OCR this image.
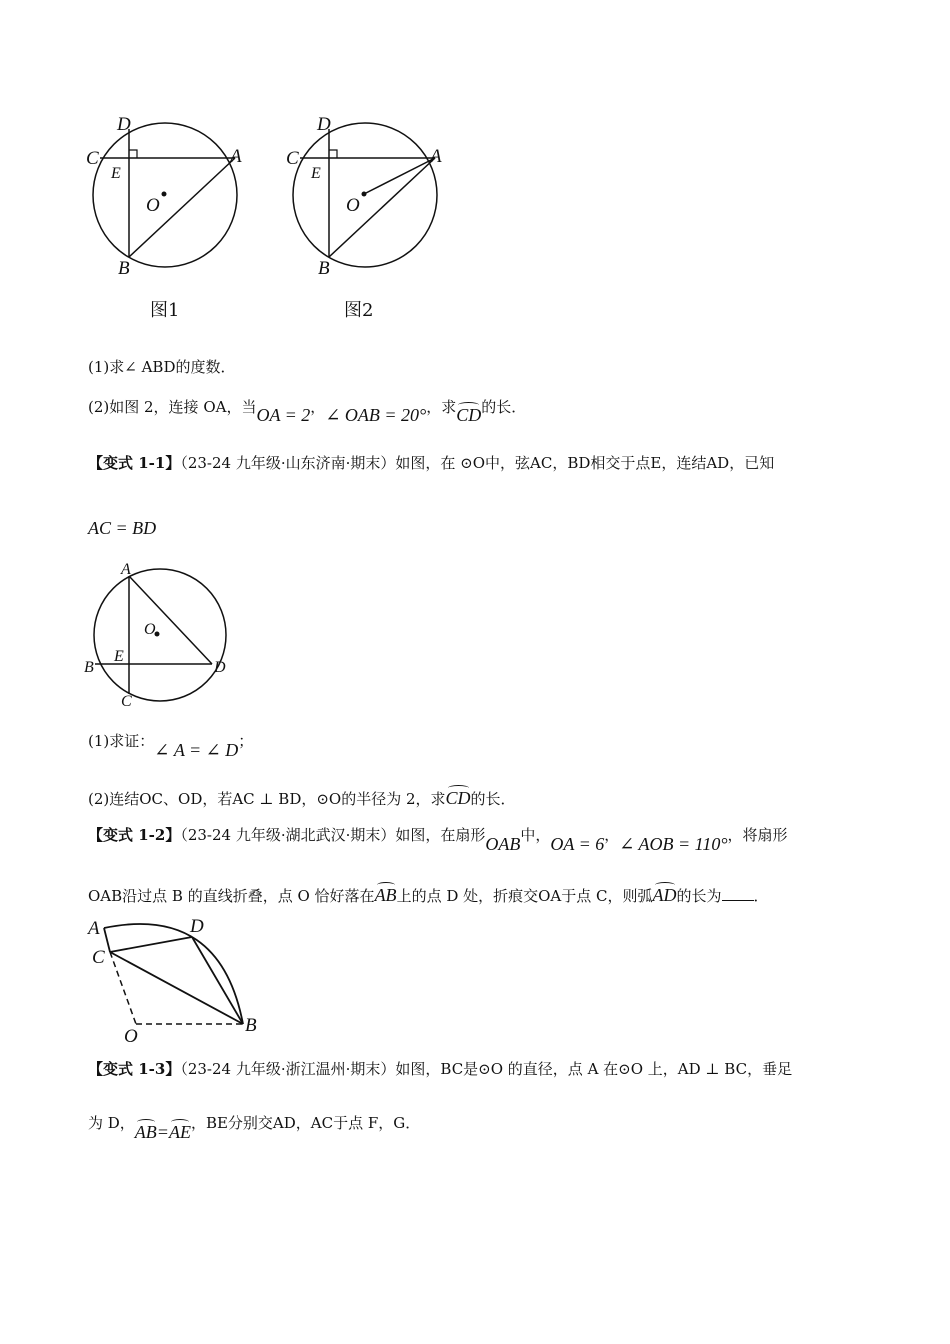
D
C	A
E
O
B
D
C	A
E
O
B
图1	图2
(1)求∠ ABD的度数．
(2)如图 2，连接 OA，当OA = 2，∠ OAB = 20°，求CD的长．
【变式 1-1】（23-24 九年级·山东济南·期末）如图，在 ⊙O中，弦AC，BD相交于点E，连结AD，已知
AC = BD
A
B
E
O
D
C
(1)求证：∠ A = ∠ D；
(2)连结OC、OD，若AC ⊥ BD，⊙O的半径为 2，求CD的长．
【变式 1-2】（23-24 九年级·湖北武汉·期末）如图，在扇形OAB中，OA = 6，∠ AOB = 110°，将扇形
OAB沿过点 B 的直线折叠，点 O 恰好落在AB上的点 D 处，折痕交OA于点 C，则弧AD的长为 ．
A
C
D
B
O
【变式 1-3】（23-24 九年级·浙江温州·期末）如图，BC是⊙O 的直径，点 A 在⊙O 上，AD ⊥ BC，垂足
为 D，AB=AE，BE分别交AD，AC于点 F，G．
